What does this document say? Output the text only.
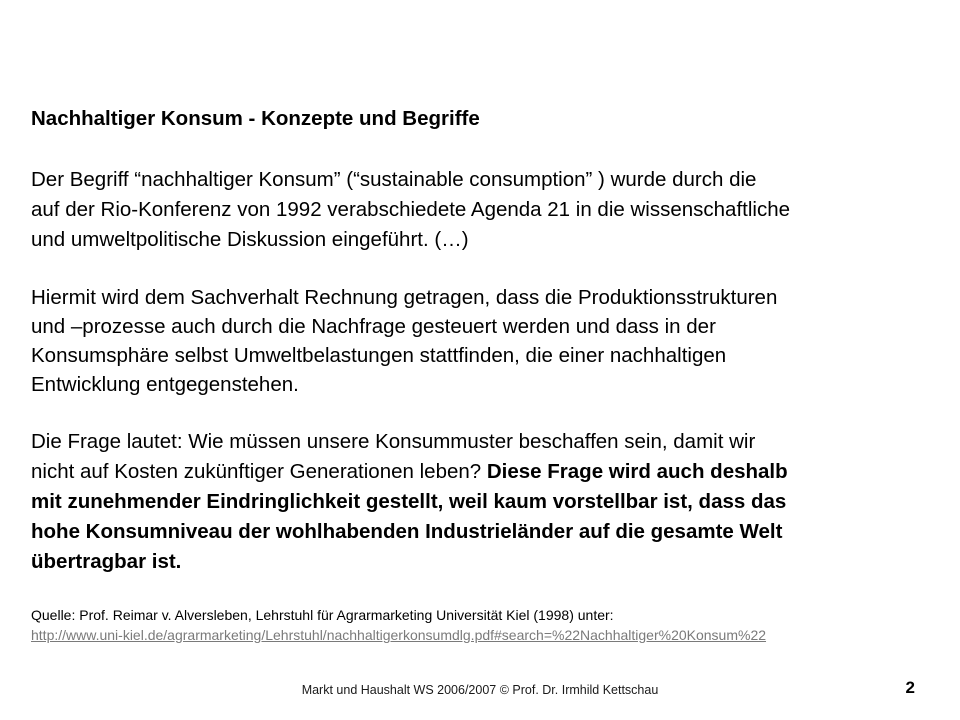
Nachhaltiger Konsum - Konzepte und Begriffe
Der Begriff “nachhaltiger Konsum” (“sustainable consumption” ) wurde durch die
auf der Rio-Konferenz von 1992 verabschiedete Agenda 21 in die wissenschaftliche
und umweltpolitische Diskussion eingeführt. (…)
Hiermit wird dem Sachverhalt Rechnung getragen, dass die Produktionsstrukturen
und –prozesse auch durch die Nachfrage gesteuert werden und dass in der
Konsumsphäre selbst Umweltbelastungen stattfinden, die einer nachhaltigen
Entwicklung entgegenstehen.
Die Frage lautet: Wie müssen unsere Konsummuster beschaffen sein, damit wir
nicht auf Kosten zukünftiger Generationen leben? Diese Frage wird auch deshalb
mit zunehmender Eindringlichkeit gestellt, weil kaum vorstellbar ist, dass das
hohe Konsumniveau der wohlhabenden Industrieländer auf die gesamte Welt
übertragbar ist.
Quelle: Prof. Reimar v. Alversleben, Lehrstuhl für Agrarmarketing Universität Kiel (1998) unter:
http://www.uni-kiel.de/agrarmarketing/Lehrstuhl/nachhaltigerkonsumdlg.pdf#search=%22Nachhaltiger%20Konsum%22
Markt und Haushalt WS 2006/2007 © Prof. Dr. Irmhild Kettschau	2
